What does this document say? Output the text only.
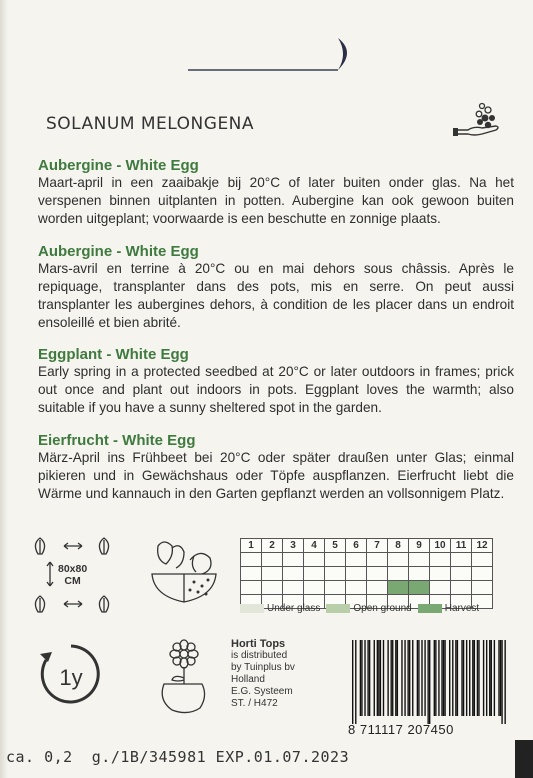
SOLANUM MELONGENA
Aubergine - White Egg

Maart-april in een zaaibakje bij 20°C of later buiten onder glas. Na het verspenen binnen uitplanten in potten. Aubergine kan ook gewoon buiten worden uitgeplant; voorwaarde is een beschutte en zonnige plaats.

Aubergine - White Egg

Mars-avril en terrine à 20°C ou en mai dehors sous châssis. Après le repiquage, transplanter dans des pots, mis en serre. On peut aussi transplanter les aubergines dehors, à condition de les placer dans un endroit ensoleillé et bien abrité.

Eggplant - White Egg

Early spring in a protected seedbed at 20°C or later outdoors in frames; prick out once and plant out indoors in pots. Eggplant loves the warmth; also suitable if you have a sunny sheltered spot in the garden.

Eierfrucht - White Egg

März-April ins Frühbeet bei 20°C oder später draußen unter Glas; einmal pikieren und in Gewächshaus oder Töpfe auspflanzen. Eierfrucht liebt die Wärme und kannauch in den Garten gepflanzt werden an vollsonnigem Platz.

80x80
CM
1y
1	2	3	4	5	6	7	8	9	10	11	12

Under glass	Open ground	Harvest
Horti Tops
is distributed
by Tuinplus bv
Holland
E.G. Systeem
ST. / H472
8 711117 207450
ca. 0,2  g./1B/345981 EXP.01.07.2023
